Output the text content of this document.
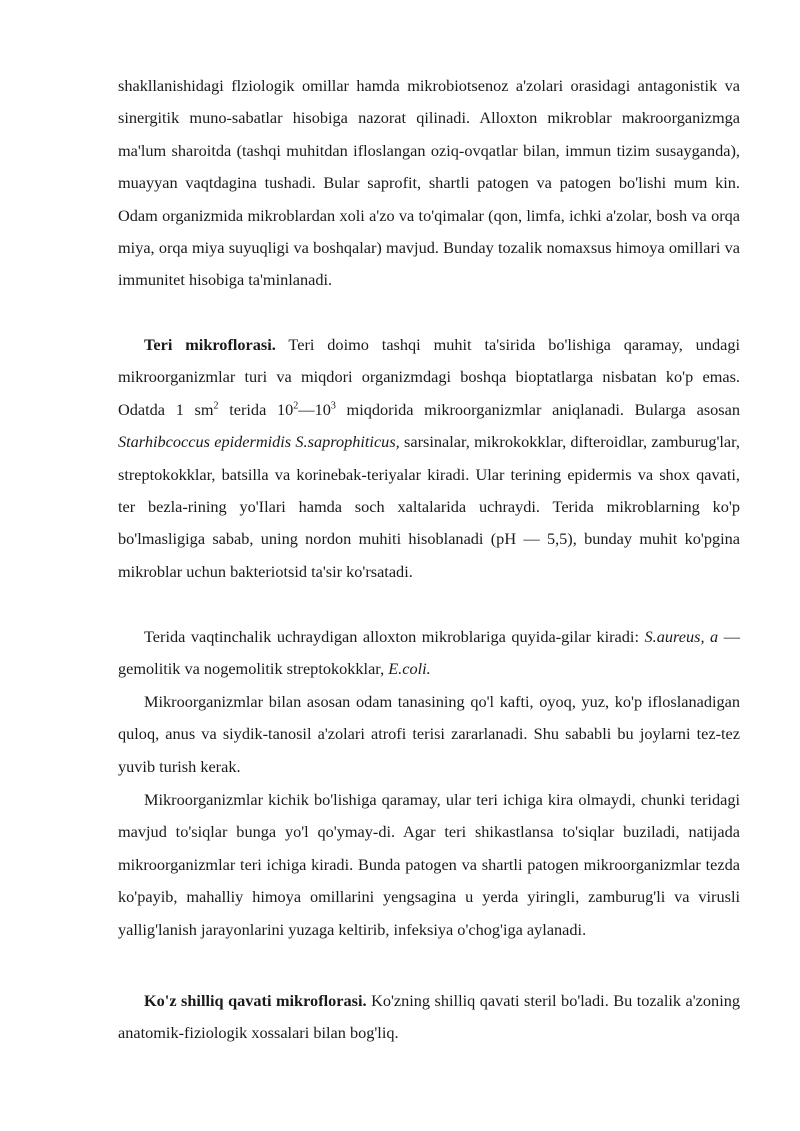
shakllanishidagi flziologik omillar hamda mikrobiotsenoz a'zolari orasidagi antagonistik va sinergitik muno-sabatlar hisobiga nazorat qilinadi. Alloxton mikroblar makroorganizmga ma'lum sharoitda (tashqi muhitdan ifloslangan oziq-ovqatlar bilan, immun tizim susayganda), muayyan vaqtdagina tushadi. Bular saprofit, shartli patogen va patogen bo'lishi mum kin. Odam organizmida mikroblardan xoli a'zo va to'qimalar (qon, limfa, ichki a'zolar, bosh va orqa miya, orqa miya suyuqligi va boshqalar) mavjud. Bunday tozalik nomaxsus himoya omillari va immunitet hisobiga ta'minlanadi.

Teri mikroflorasi. Teri doimo tashqi muhit ta'sirida bo'lishiga qaramay, undagi mikroorganizmlar turi va miqdori organizmdagi boshqa bioptatlarga nisbatan ko'p emas. Odatda 1 $sm^2$ terida $10^2—10^3$ miqdorida mikroorganizmlar aniqlanadi. Bularga asosan Starhibcoccus epidermidis S.saprophiticus, sarsinalar, mikrokokklar, difteroidlar, zamburug'lar, streptokokklar, batsilla va korinebak-teriyalar kiradi. Ular terining epidermis va shox qavati, ter bezla-rining yo'Ilari hamda soch xaltalarida uchraydi. Terida mikroblarning ko'p bo'lmasligiga sabab, uning nordon muhiti hisoblanadi (pH — 5,5), bunday muhit ko'pgina mikroblar uchun bakteriotsid ta'sir ko'rsatadi.

Terida vaqtinchalik uchraydigan alloxton mikroblariga quyida-gilar kiradi: S.aureus, a — gemolitik va nogemolitik streptokokklar, E.coli.

Mikroorganizmlar bilan asosan odam tanasining qo'l kafti, oyoq, yuz, ko'p ifloslanadigan quloq, anus va siydik-tanosil a'zolari atrofi terisi zararlanadi. Shu sababli bu joylarni tez-tez yuvib turish kerak.

Mikroorganizmlar kichik bo'lishiga qaramay, ular teri ichiga kira olmaydi, chunki teridagi mavjud to'siqlar bunga yo'l qo'ymay-di. Agar teri shikastlansa to'siqlar buziladi, natijada mikroorganizmlar teri ichiga kiradi. Bunda patogen va shartli patogen mikroorganizmlar tezda ko'payib, mahalliy himoya omillarini yengsagina u yerda yiringli, zamburug'li va virusli yallig'lanish jarayonlarini yuzaga keltirib, infeksiya o'chog'iga aylanadi.

Ko'z shilliq qavati mikroflorasi. Ko'zning shilliq qavati steril bo'ladi. Bu tozalik a'zoning anatomik-fiziologik xossalari bilan bog'liq.
